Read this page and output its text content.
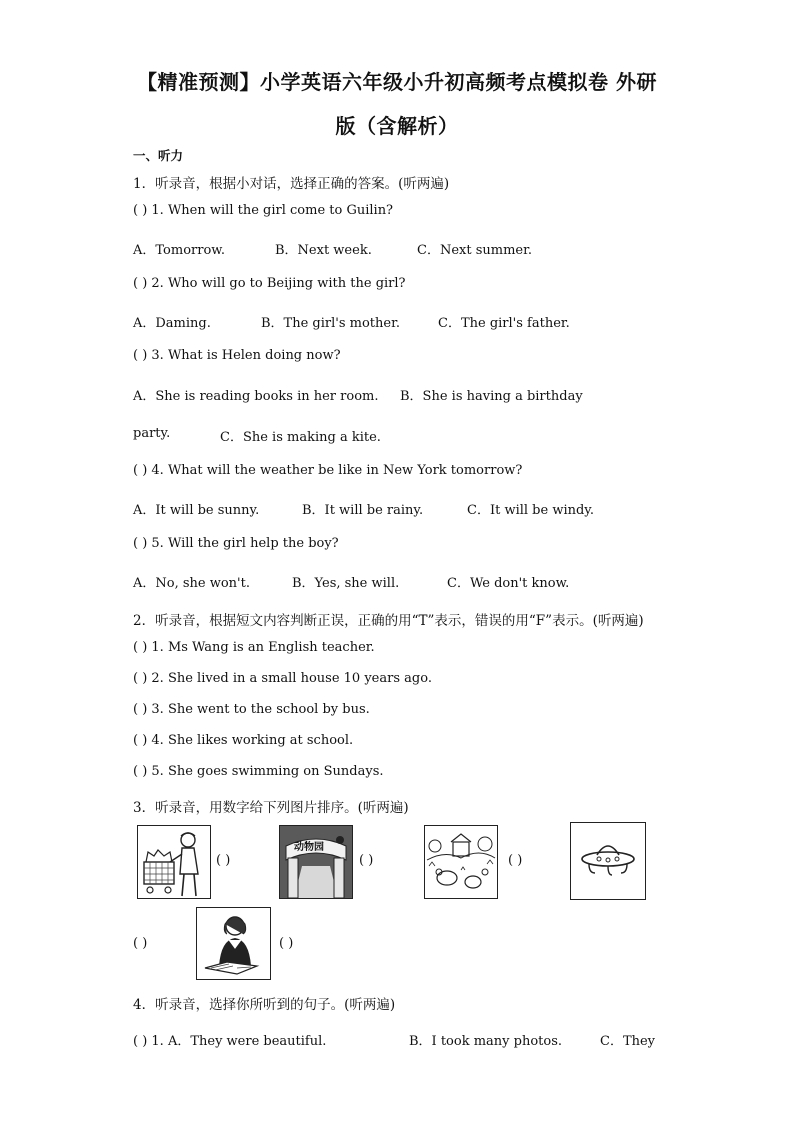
【精准预测】小学英语六年级小升初高频考点模拟卷 外研
版（含解析）
一、听力
1．听录音，根据小对话，选择正确的答案。(听两遍)
( ) 1. When will the girl come to Guilin?
A．Tomorrow.	B．Next week.	C．Next summer.
( ) 2. Who will go to Beijing with the girl?
A．Daming.	B．The girl's mother.	C．The girl's father.
( ) 3. What is Helen doing now?
A．She is reading books in her room. B．She is having a birthday
party.	C．She is making a kite.
( ) 4. What will the weather be like in New York tomorrow?
A．It will be sunny.	B．It will be rainy.	C．It will be windy.
( ) 5. Will the girl help the boy?
A．No, she won't.	B．Yes, she will.	C．We don't know.
2．听录音，根据短文内容判断正误，正确的用“T”表示，错误的用“F”表示。(听两遍)
( ) 1. Ms Wang is an English teacher.
( ) 2. She lived in a small house 10 years ago.
( ) 3. She went to the school by bus.
( ) 4. She likes working at school.
( ) 5. She goes swimming on Sundays.
3．听录音，用数字给下列图片排序。(听两遍)
( )
动物园
( )	( )
( )	( )
4．听录音，选择你所听到的句子。(听两遍)
( ) 1. A．They were beautiful.	B．I took many photos.	C．They
